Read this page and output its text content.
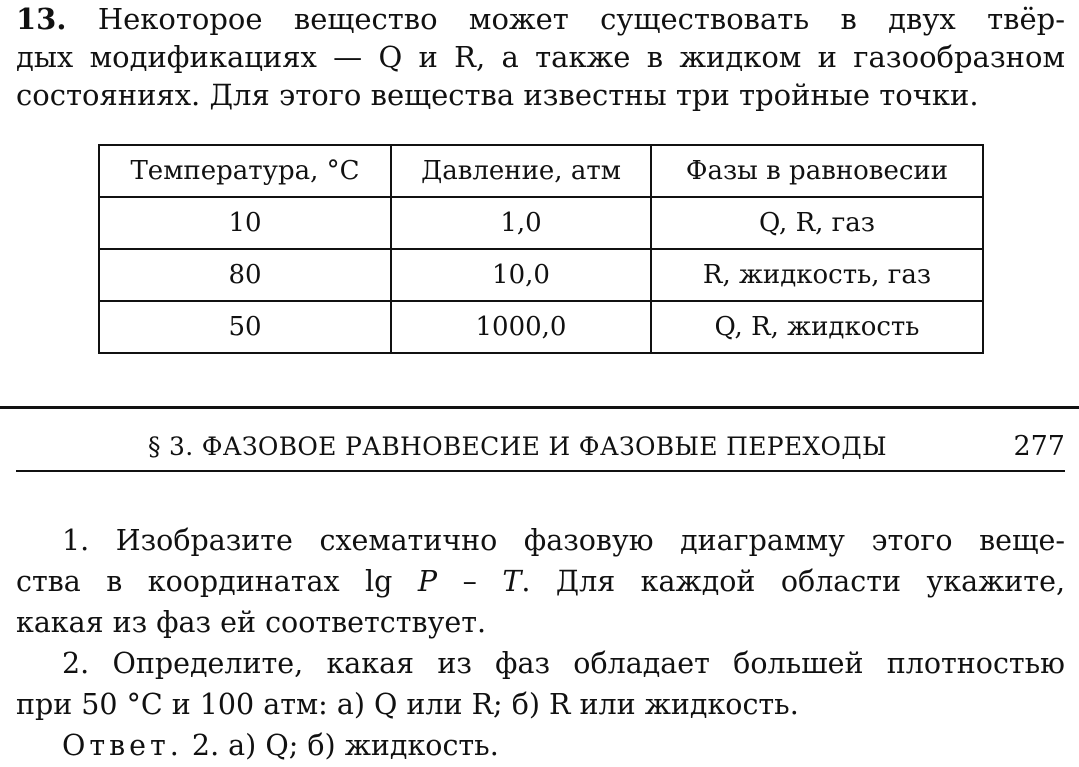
13. Некоторое вещество может существовать в двух твёр-
дых модификациях — Q и R, а также в жидком и газообразном
состояниях. Для этого вещества известны три тройные точки.
Температура, °C	Давление, атм	Фазы в равновесии
10	1,0	Q, R, газ
80	10,0	R, жидкость, газ
50	1000,0	Q, R, жидкость
§ 3. ФАЗОВОЕ РАВНОВЕСИЕ И ФАЗОВЫЕ ПЕРЕХОДЫ	277
1. Изобразите схематично фазовую диаграмму этого веще-
ства в координатах lg P – T. Для каждой области укажите,
какая из фаз ей соответствует.
2. Определите, какая из фаз обладает большей плотностью
при 50 °C и 100 атм: а) Q или R; б) R или жидкость.
Ответ. 2. а) Q; б) жидкость.
